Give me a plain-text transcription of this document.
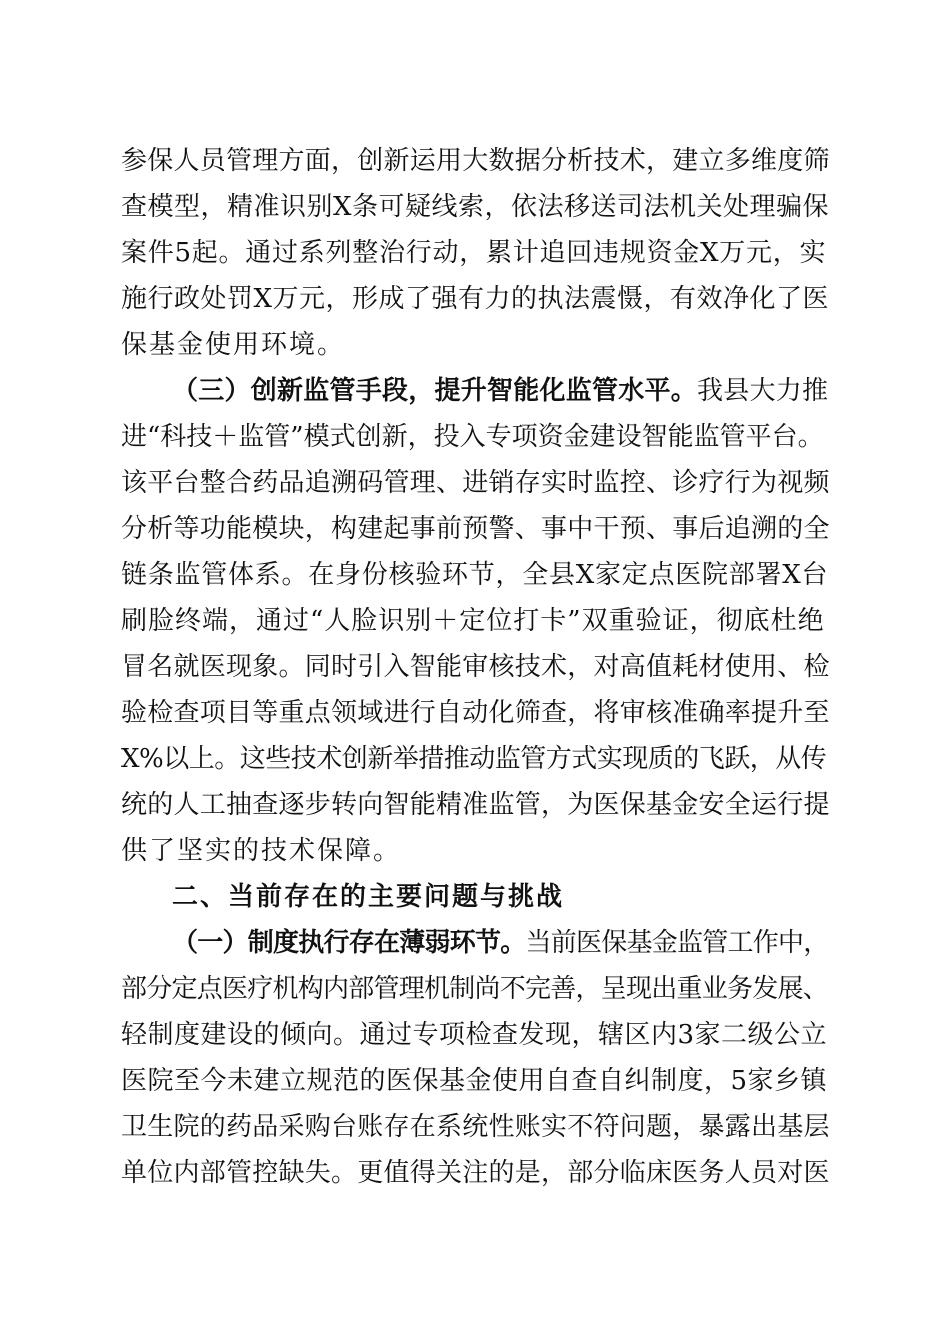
参保人员管理方面，创新运用大数据分析技术，建立多维度筛
查模型，精准识别X条可疑线索，依法移送司法机关处理骗保
案件5起。通过系列整治行动，累计追回违规资金X万元，实
施行政处罚X万元，形成了强有力的执法震慑，有效净化了医
保基金使用环境。
（三）创新监管手段，提升智能化监管水平。我县大力推
进“科技＋监管”模式创新，投入专项资金建设智能监管平台。
该平台整合药品追溯码管理、进销存实时监控、诊疗行为视频
分析等功能模块，构建起事前预警、事中干预、事后追溯的全
链条监管体系。在身份核验环节，全县X家定点医院部署X台
刷脸终端，通过“人脸识别＋定位打卡”双重验证，彻底杜绝
冒名就医现象。同时引入智能审核技术，对高值耗材使用、检
验检查项目等重点领域进行自动化筛查，将审核准确率提升至
X%以上。这些技术创新举措推动监管方式实现质的飞跃，从传
统的人工抽查逐步转向智能精准监管，为医保基金安全运行提
供了坚实的技术保障。
二、当前存在的主要问题与挑战
（一）制度执行存在薄弱环节。当前医保基金监管工作中，
部分定点医疗机构内部管理机制尚不完善，呈现出重业务发展、
轻制度建设的倾向。通过专项检查发现，辖区内3家二级公立
医院至今未建立规范的医保基金使用自查自纠制度，5家乡镇
卫生院的药品采购台账存在系统性账实不符问题，暴露出基层
单位内部管控缺失。更值得关注的是，部分临床医务人员对医
